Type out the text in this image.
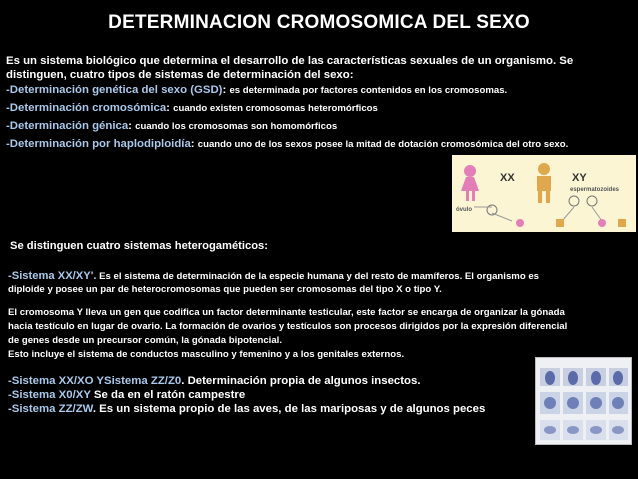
DETERMINACION CROMOSOMICA DEL SEXO
Es un sistema biológico que determina el desarrollo de las características sexuales de un organismo. Se
distinguen, cuatro tipos de sistemas de determinación del sexo:
-Determinación genética del sexo (GSD): es determinada por factores contenidos en los cromosomas.
-Determinación cromosómica: cuando existen cromosomas heteromórficos
-Determinación génica: cuando los cromosomas son homomórficos
-Determinación por haplodiploidía: cuando uno de los sexos posee la mitad de dotación cromosómica del otro sexo.
XX	XY
espermatozoides
óvulo
Se distinguen cuatro sistemas heterogaméticos:
-Sistema XX/XY'. Es el sistema de determinación de la especie humana y del resto de mamíferos. El organismo es
diploide y posee un par de heterocromosomas que pueden ser cromosomas del tipo X o tipo Y.
El cromosoma Y lleva un gen que codifica un factor determinante testicular, este factor se encarga de organizar la gónada
hacia testículo en lugar de ovario. La formación de ovarios y testículos son procesos dirigidos por la expresión diferencial
de genes desde un precursor común, la gónada bipotencial.
Esto incluye el sistema de conductos masculino y femenino y a los genitales externos.
-Sistema XX/XO YSistema ZZ/Z0. Determinación propia de algunos insectos.
-Sistema X0/XY Se da en el ratón campestre
-Sistema ZZ/ZW. Es un sistema propio de las aves, de las mariposas y de algunos peces
